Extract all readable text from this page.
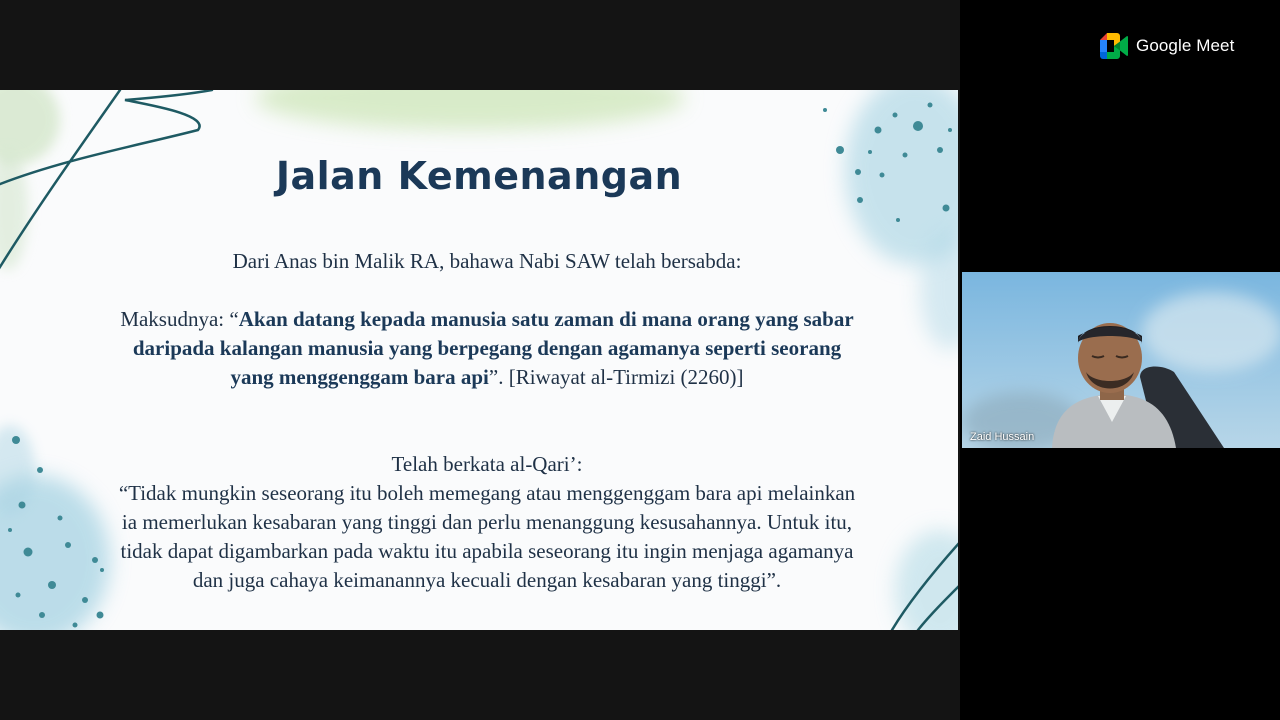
Jalan Kemenangan
Dari Anas bin Malik RA, bahawa Nabi SAW telah bersabda:
Maksudnya: “Akan datang kepada manusia satu zaman di mana orang yang sabar daripada kalangan manusia yang berpegang dengan agamanya seperti seorang yang menggenggam bara api”. [Riwayat al-Tirmizi (2260)]
Telah berkata al-Qari’:
“Tidak mungkin seseorang itu boleh memegang atau menggenggam bara api melainkan ia memerlukan kesabaran yang tinggi dan perlu menanggung kesusahannya. Untuk itu, tidak dapat digambarkan pada waktu itu apabila seseorang itu ingin menjaga agamanya dan juga cahaya keimanannya kecuali dengan kesabaran yang tinggi”.
Google Meet
Zaid Hussain
